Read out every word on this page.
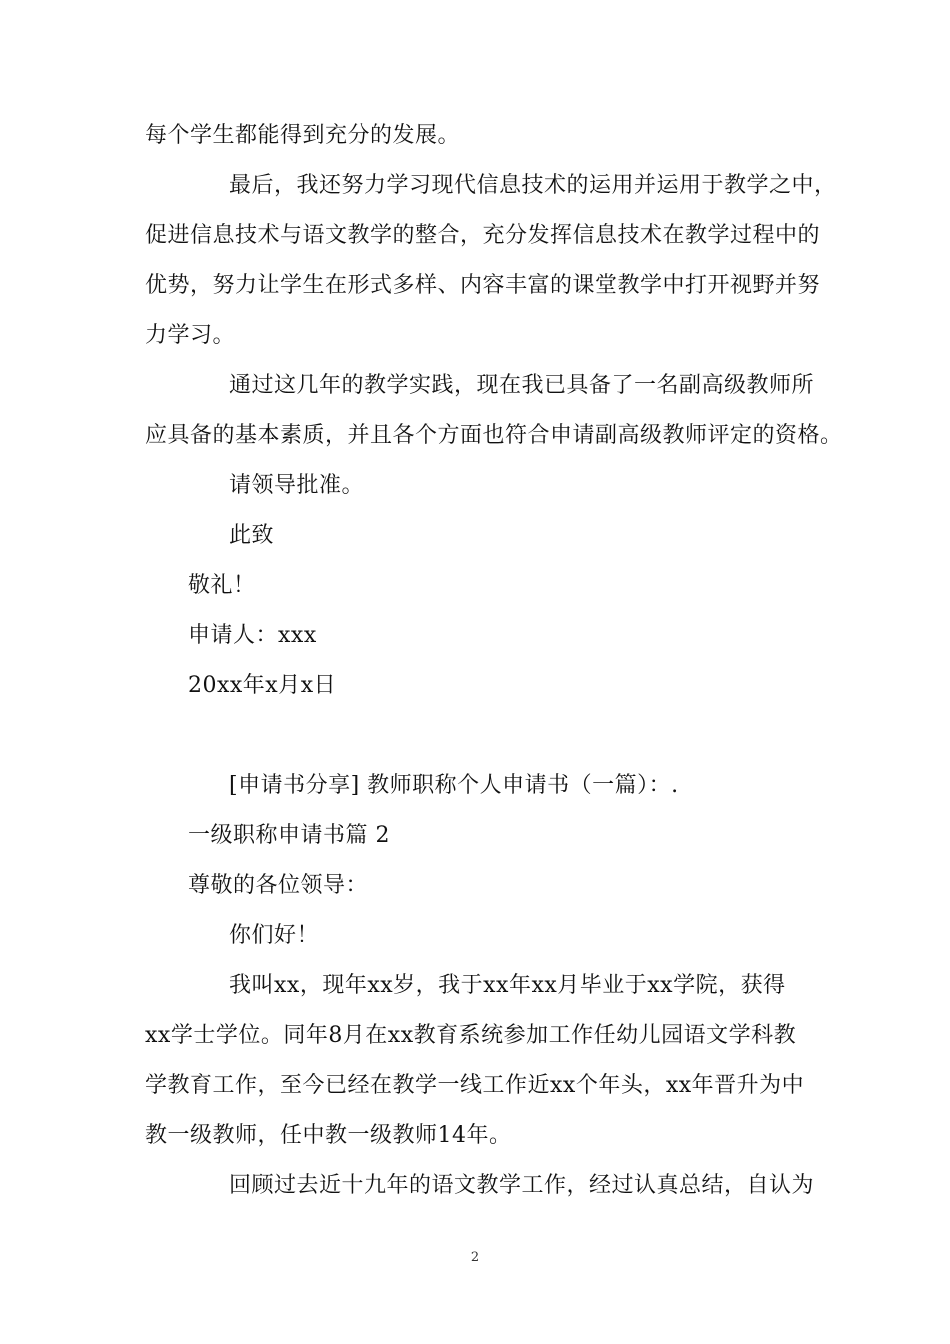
每个学生都能得到充分的发展。
最后，我还努力学习现代信息技术的运用并运用于教学之中，
促进信息技术与语文教学的整合，充分发挥信息技术在教学过程中的
优势，努力让学生在形式多样、内容丰富的课堂教学中打开视野并努
力学习。
通过这几年的教学实践，现在我已具备了一名副高级教师所
应具备的基本素质，并且各个方面也符合申请副高级教师评定的资格。
请领导批准。
此致
敬礼！
申请人：xxx
20xx年x月x日
[申请书分享] 教师职称个人申请书（一篇）：.
一级职称申请书篇 2
尊敬的各位领导：
你们好！
我叫xx，现年xx岁，我于xx年xx月毕业于xx学院，获得
xx学士学位。同年8月在xx教育系统参加工作任幼儿园语文学科教
学教育工作，至今已经在教学一线工作近xx个年头，xx年晋升为中
教一级教师，任中教一级教师14年。
回顾过去近十九年的语文教学工作，经过认真总结，自认为
2
